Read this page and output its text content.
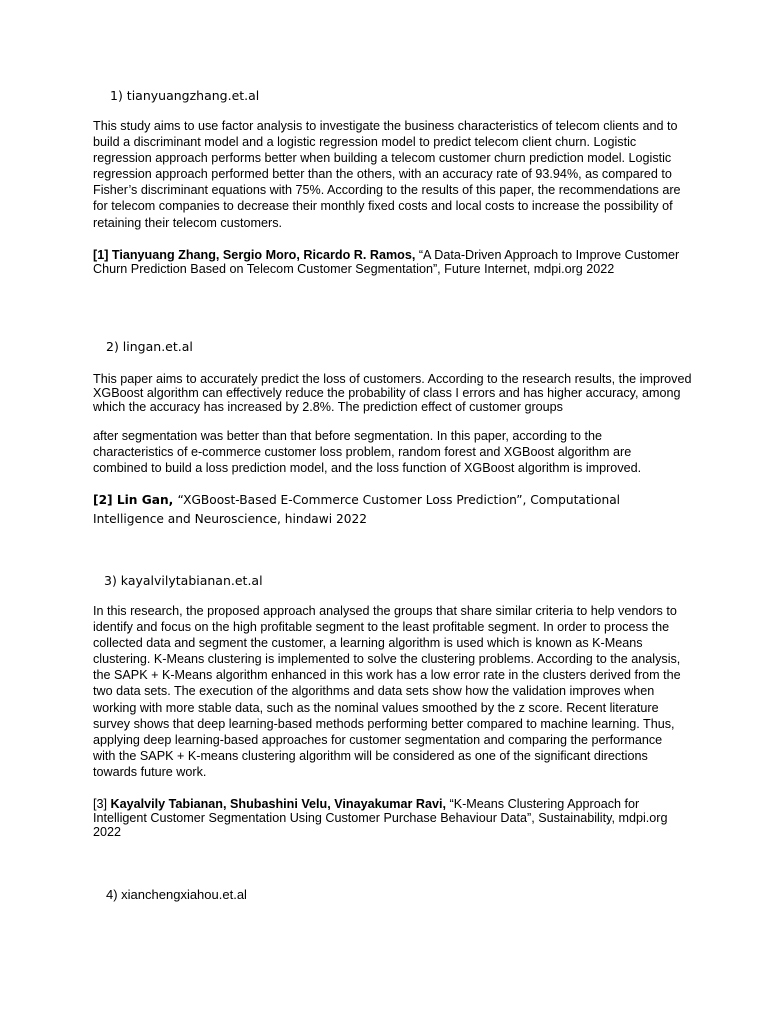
1) tianyuangzhang.et.al
This study aims to use factor analysis to investigate the business characteristics of telecom clients and to build a discriminant model and a logistic regression model to predict telecom client churn. Logistic regression approach performs better when building a telecom customer churn prediction model. Logistic regression approach performed better than the others, with an accuracy rate of 93.94%, as compared to Fisher’s discriminant equations with 75%. According to the results of this paper, the recommendations are for telecom companies to decrease their monthly fixed costs and local costs to increase the possibility of retaining their telecom customers.
[1] Tianyuang Zhang, Sergio Moro, Ricardo R. Ramos, “A Data-Driven Approach to Improve Customer Churn Prediction Based on Telecom Customer Segmentation”, Future Internet, mdpi.org 2022
2) lingan.et.al
This paper aims to accurately predict the loss of customers. According to the research results, the improved XGBoost algorithm can effectively reduce the probability of class I errors and has higher accuracy, among which the accuracy has increased by 2.8%. The prediction effect of customer groups
after segmentation was better than that before segmentation. In this paper, according to the characteristics of e-commerce customer loss problem, random forest and XGBoost algorithm are combined to build a loss prediction model, and the loss function of XGBoost algorithm is improved.
[2] Lin Gan, “XGBoost-Based E-Commerce Customer Loss Prediction”, Computational Intelligence and Neuroscience, hindawi 2022
3) kayalvilytabianan.et.al
In this research, the proposed approach analysed the groups that share similar criteria to help vendors to identify and focus on the high profitable segment to the least profitable segment. In order to process the collected data and segment the customer, a learning algorithm is used which is known as K-Means clustering. K-Means clustering is implemented to solve the clustering problems. According to the analysis, the SAPK + K-Means algorithm enhanced in this work has a low error rate in the clusters derived from the two data sets. The execution of the algorithms and data sets show how the validation improves when working with more stable data, such as the nominal values smoothed by the z score. Recent literature survey shows that deep learning-based methods performing better compared to machine learning. Thus, applying deep learning-based approaches for customer segmentation and comparing the performance with the SAPK + K-means clustering algorithm will be considered as one of the significant directions towards future work.
[3] Kayalvily Tabianan, Shubashini Velu, Vinayakumar Ravi, “K-Means Clustering Approach for Intelligent Customer Segmentation Using Customer Purchase Behaviour Data”, Sustainability, mdpi.org 2022
4) xianchengxiahou.et.al
